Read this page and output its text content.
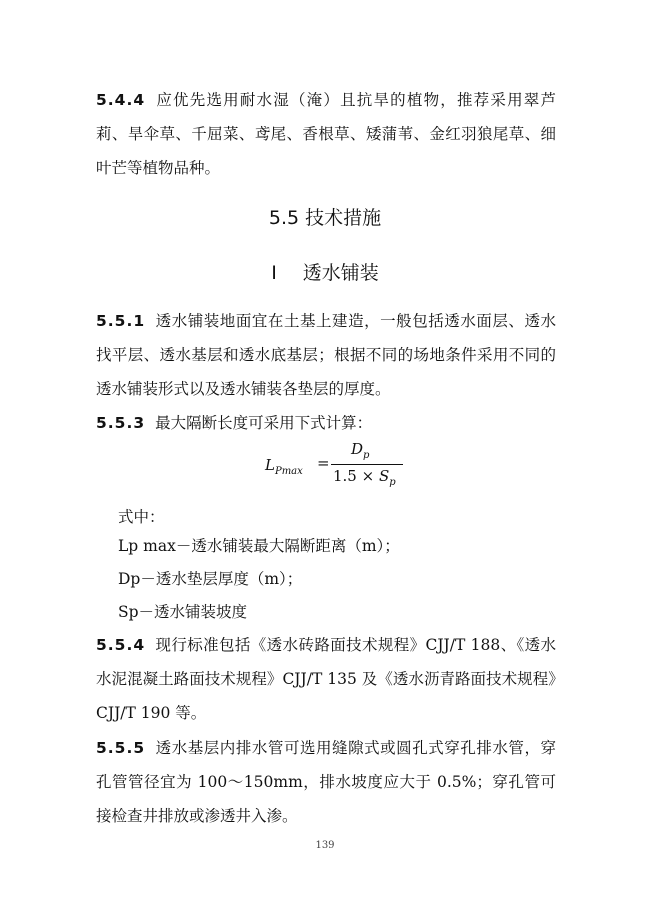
5.4.4 应优先选用耐水湿（淹）且抗旱的植物，推荐采用翠芦莉、旱伞草、千屈菜、鸢尾、香根草、矮蒲苇、金红羽狼尾草、细叶芒等植物品种。
5.5 技术措施
Ⅰ 透水铺装
5.5.1 透水铺装地面宜在土基上建造，一般包括透水面层、透水找平层、透水基层和透水底基层；根据不同的场地条件采用不同的透水铺装形式以及透水铺装各垫层的厚度。
5.5.3 最大隔断长度可采用下式计算：
$L_{Pmax}$ =
$D_p$
$1.5 \times S_p$
式中：
Lp max－透水铺装最大隔断距离（m）；
Dp－透水垫层厚度（m）；
Sp－透水铺装坡度
5.5.4 现行标准包括《透水砖路面技术规程》CJJ/T 188、《透水水泥混凝土路面技术规程》CJJ/T 135 及《透水沥青路面技术规程》CJJ/T 190 等。
5.5.5 透水基层内排水管可选用缝隙式或圆孔式穿孔排水管，穿孔管管径宜为 100～150mm，排水坡度应大于 0.5%；穿孔管可接检查井排放或渗透井入渗。
139
